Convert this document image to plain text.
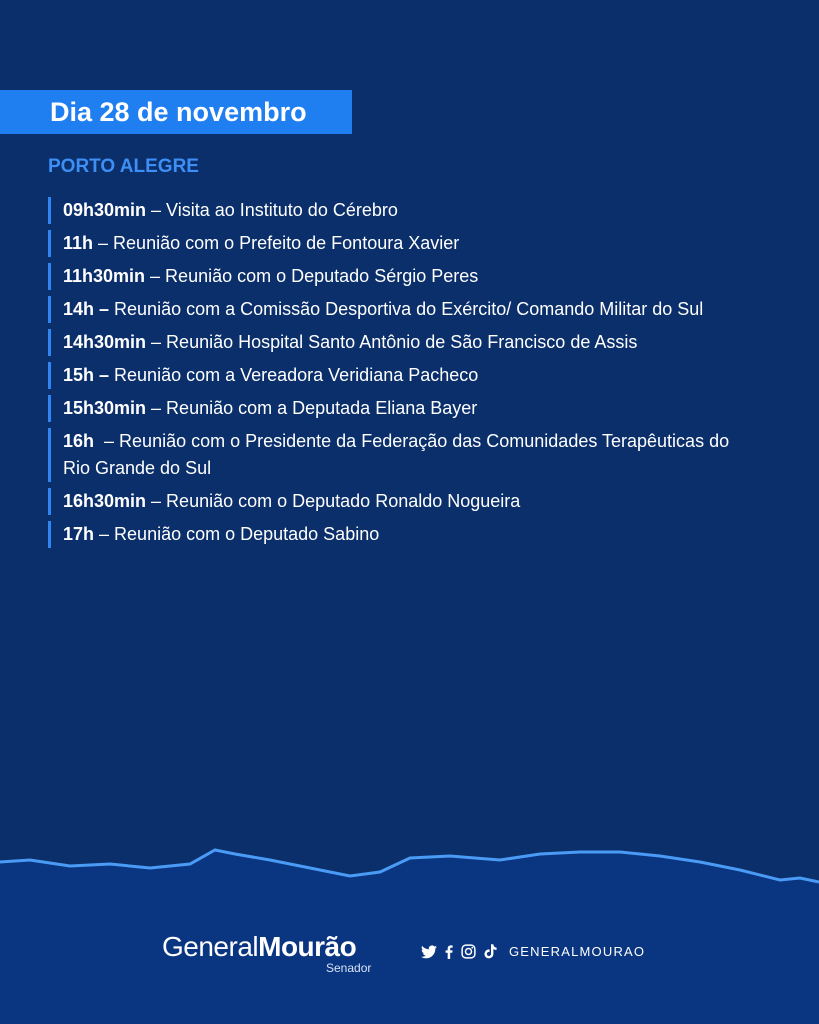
Dia 28 de novembro
PORTO ALEGRE
09h30min – Visita ao Instituto do Cérebro
11h – Reunião com o Prefeito de Fontoura Xavier
11h30min – Reunião com o Deputado Sérgio Peres
14h – Reunião com a Comissão Desportiva do Exército/ Comando Militar do Sul
14h30min – Reunião Hospital Santo Antônio de São Francisco de Assis
15h – Reunião com a Vereadora Veridiana Pacheco
15h30min – Reunião com a Deputada Eliana Bayer
16h  – Reunião com o Presidente da Federação das Comunidades Terapêuticas do Rio Grande do Sul
16h30min – Reunião com o Deputado Ronaldo Nogueira
17h – Reunião com o Deputado Sabino
GeneralMourão
Senador
GENERALMOURAO
